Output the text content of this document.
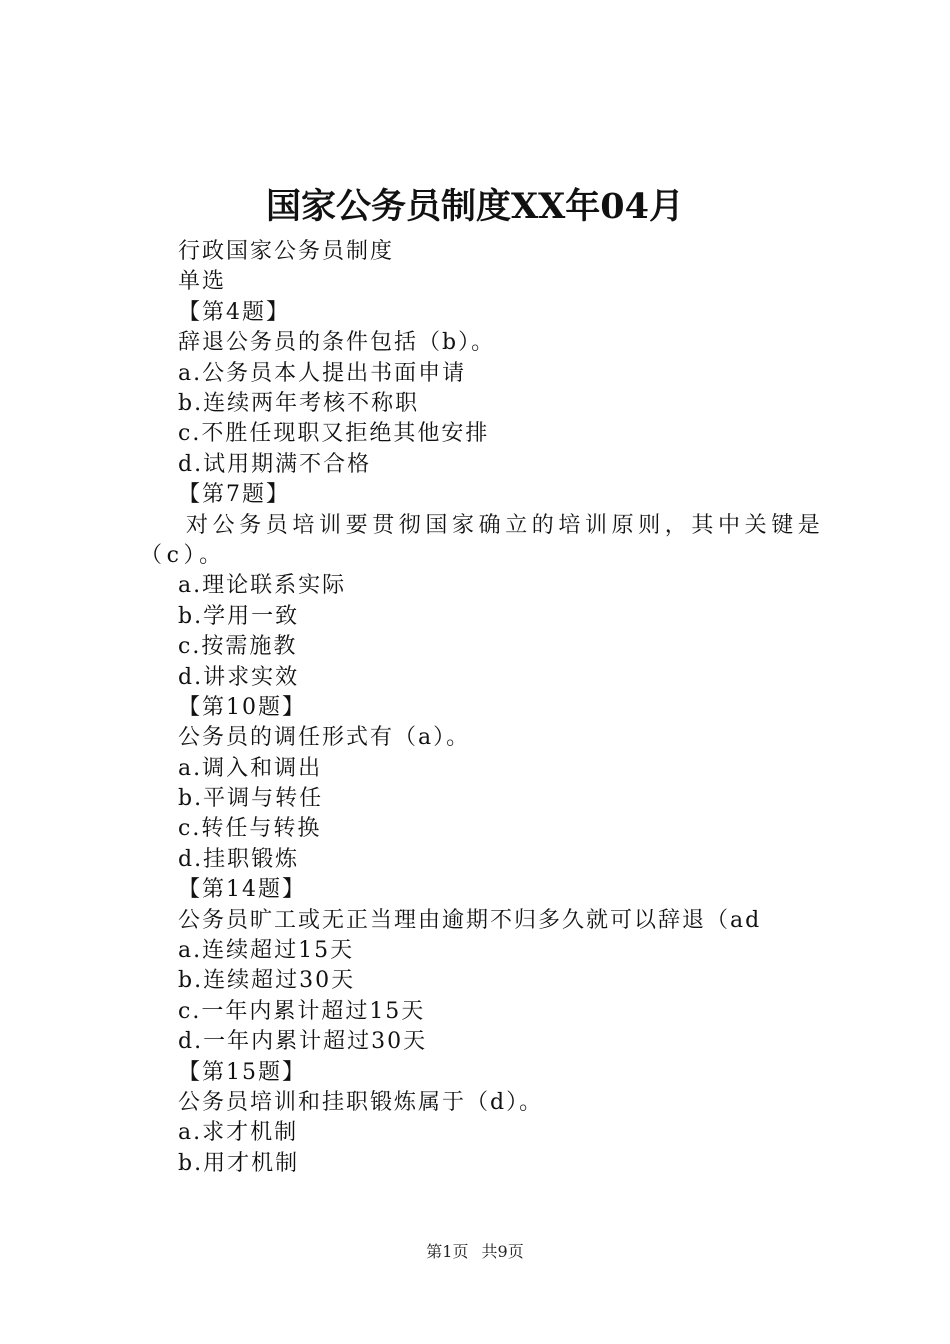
国家公务员制度XX年04月
行政国家公务员制度
单选
【第4题】
辞退公务员的条件包括（b）。
a.公务员本人提出书面申请
b.连续两年考核不称职
c.不胜任现职又拒绝其他安排
d.试用期满不合格
【第7题】
对公务员培训要贯彻国家确立的培训原则，其中关键是（c）。
a.理论联系实际
b.学用一致
c.按需施教
d.讲求实效
【第10题】
公务员的调任形式有（a）。
a.调入和调出
b.平调与转任
c.转任与转换
d.挂职锻炼
【第14题】
公务员旷工或无正当理由逾期不归多久就可以辞退（ad
a.连续超过15天
b.连续超过30天
c.一年内累计超过15天
d.一年内累计超过30天
【第15题】
公务员培训和挂职锻炼属于（d）。
a.求才机制
b.用才机制
第1页 共9页
